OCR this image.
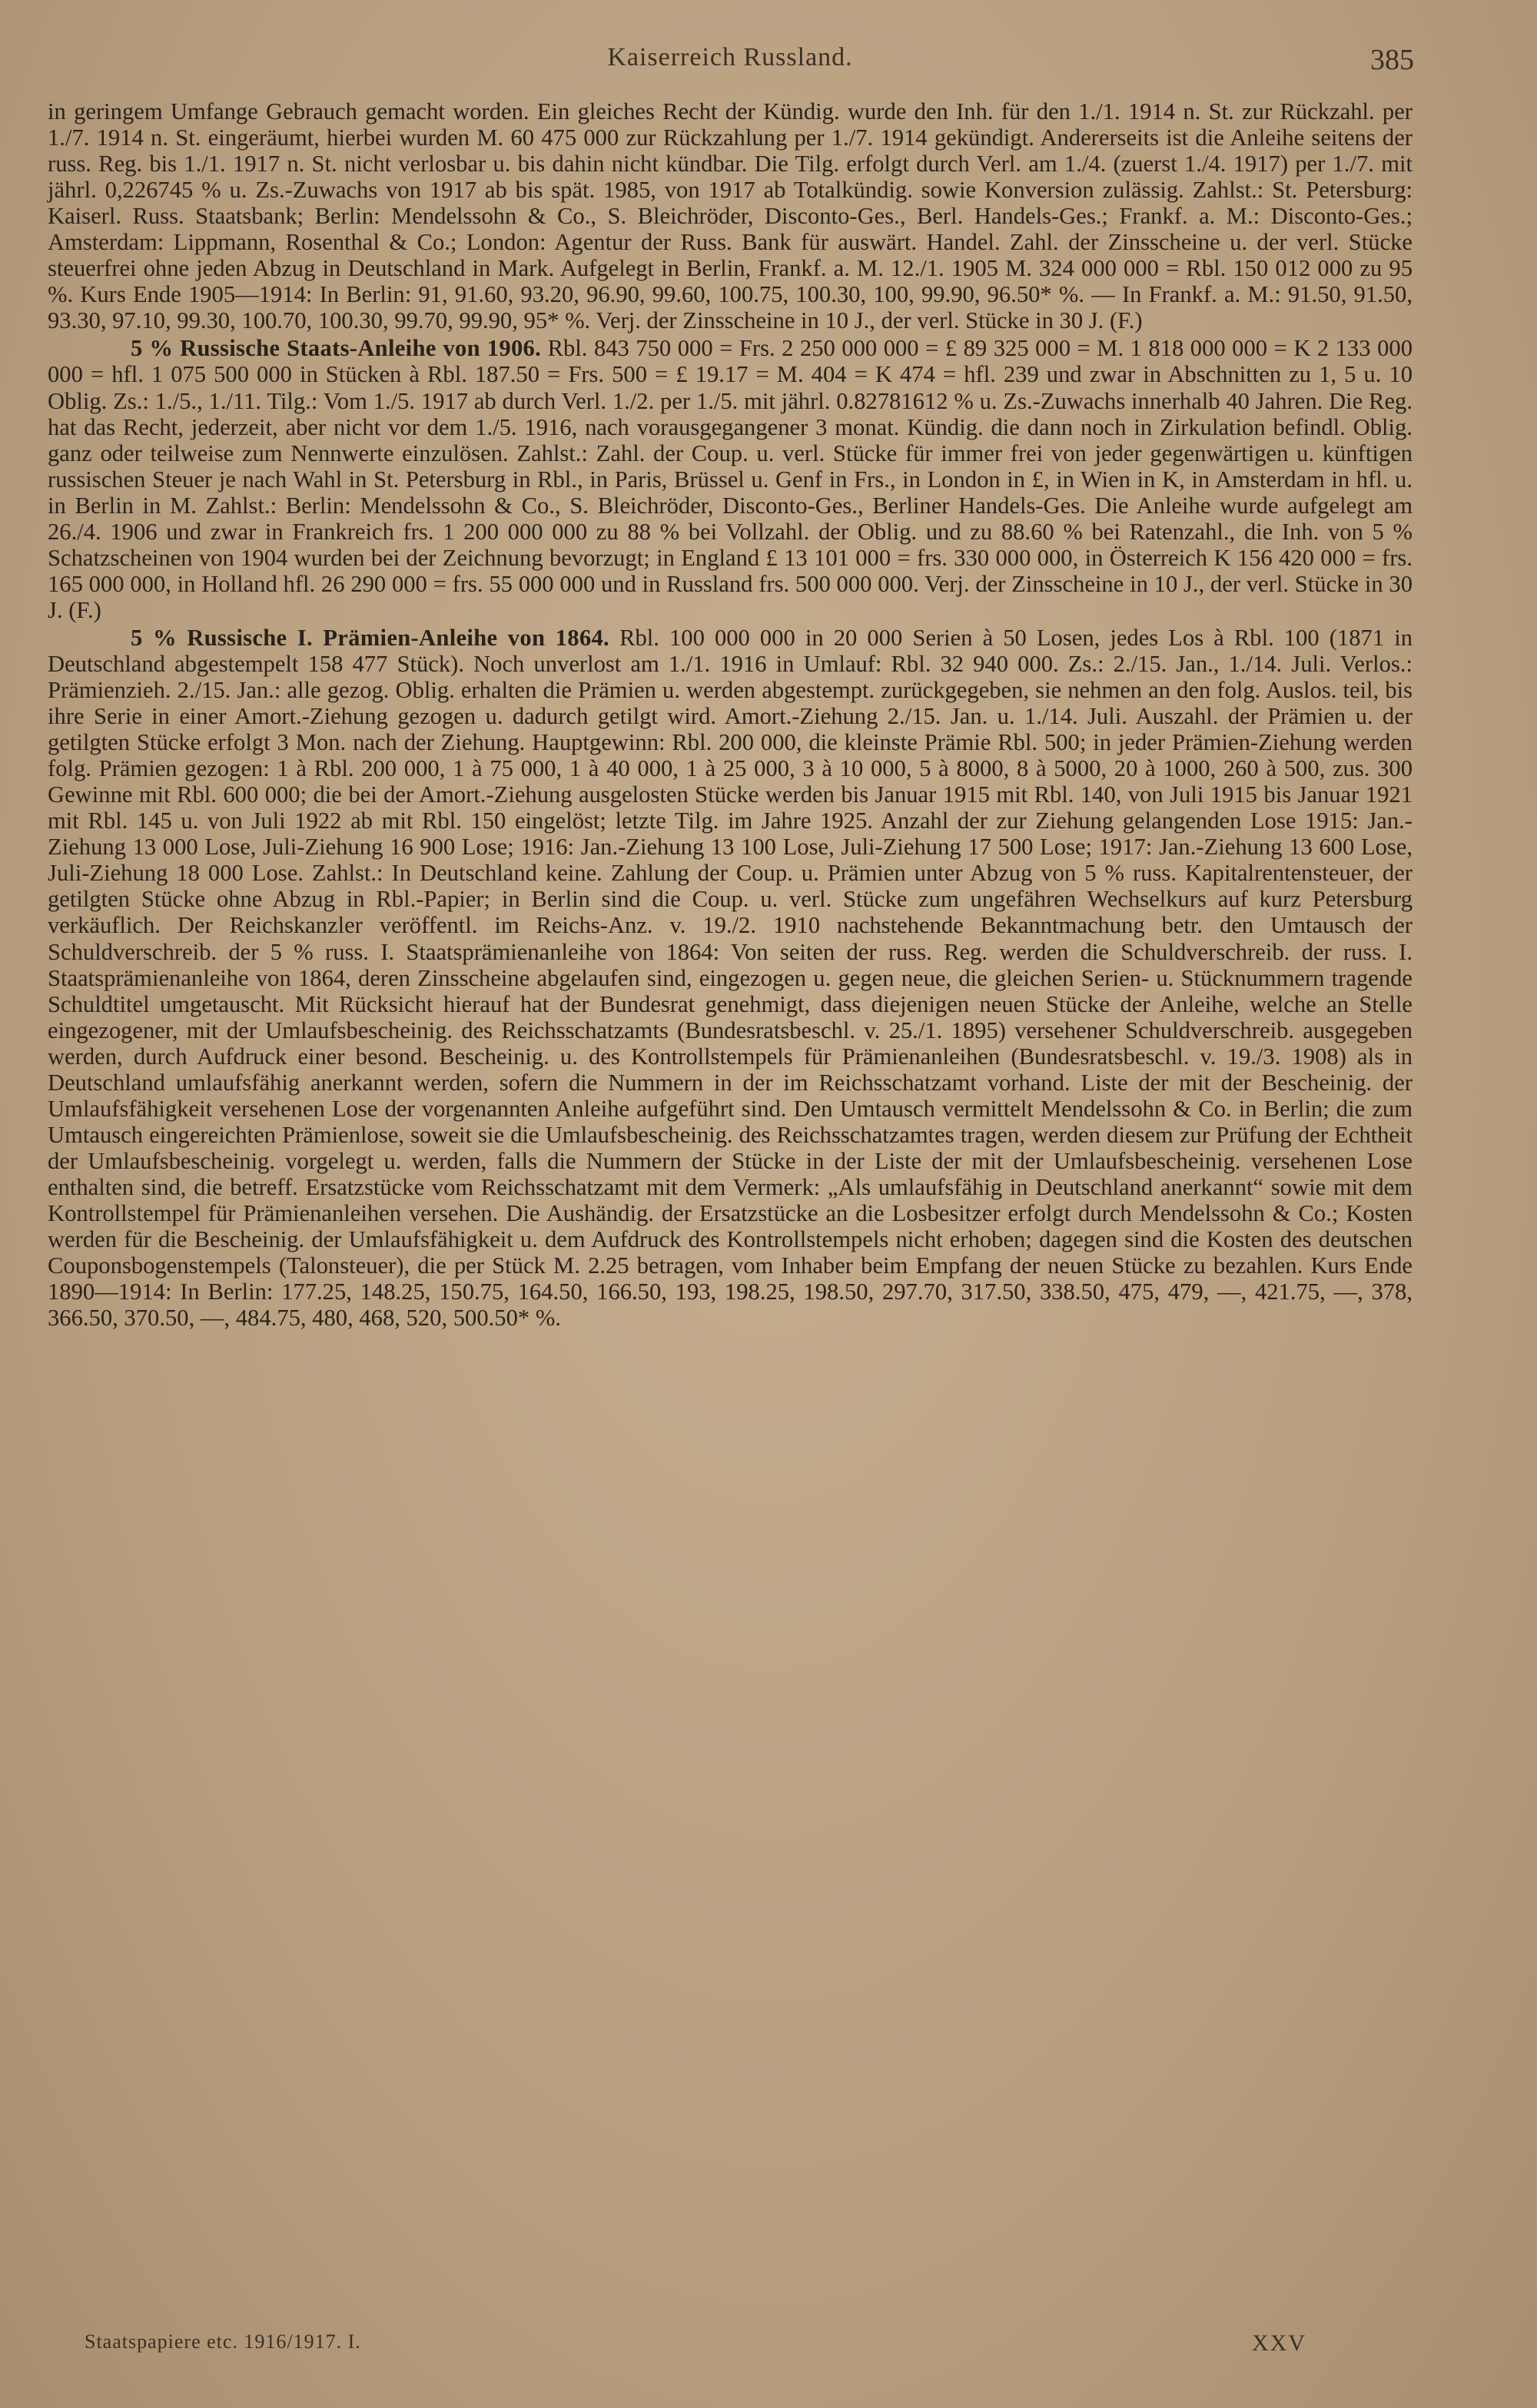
Kaiserreich Russland.	385

in geringem Umfange Gebrauch gemacht worden. Ein gleiches Recht der Kündig. wurde den Inh. für den 1./1. 1914 n. St. zur Rückzahl. per 1./7. 1914 n. St. eingeräumt, hierbei wurden M. 60 475 000 zur Rückzahlung per 1./7. 1914 gekündigt. Andererseits ist die Anleihe seitens der russ. Reg. bis 1./1. 1917 n. St. nicht verlosbar u. bis dahin nicht kündbar. Die Tilg. erfolgt durch Verl. am 1./4. (zuerst 1./4. 1917) per 1./7. mit jährl. 0,226745 % u. Zs.-Zuwachs von 1917 ab bis spät. 1985, von 1917 ab Totalkündig. sowie Konversion zulässig. Zahlst.: St. Petersburg: Kaiserl. Russ. Staatsbank; Berlin: Mendelssohn & Co., S. Bleichröder, Disconto-Ges., Berl. Handels-Ges.; Frankf. a. M.: Disconto-Ges.; Amsterdam: Lippmann, Rosenthal & Co.; London: Agentur der Russ. Bank für auswärt. Handel. Zahl. der Zinsscheine u. der verl. Stücke steuerfrei ohne jeden Abzug in Deutschland in Mark. Aufgelegt in Berlin, Frankf. a. M. 12./1. 1905 M. 324 000 000 = Rbl. 150 012 000 zu 95 %. Kurs Ende 1905—1914: In Berlin: 91, 91.60, 93.20, 96.90, 99.60, 100.75, 100.30, 100, 99.90, 96.50* %. — In Frankf. a. M.: 91.50, 91.50, 93.30, 97.10, 99.30, 100.70, 100.30, 99.70, 99.90, 95* %. Verj. der Zinsscheine in 10 J., der verl. Stücke in 30 J. (F.)

5 % Russische Staats-Anleihe von 1906. Rbl. 843 750 000 = Frs. 2 250 000 000 = £ 89 325 000 = M. 1 818 000 000 = K 2 133 000 000 = hfl. 1 075 500 000 in Stücken à Rbl. 187.50 = Frs. 500 = £ 19.17 = M. 404 = K 474 = hfl. 239 und zwar in Abschnitten zu 1, 5 u. 10 Oblig. Zs.: 1./5., 1./11. Tilg.: Vom 1./5. 1917 ab durch Verl. 1./2. per 1./5. mit jährl. 0.82781612 % u. Zs.-Zuwachs innerhalb 40 Jahren. Die Reg. hat das Recht, jederzeit, aber nicht vor dem 1./5. 1916, nach vorausgegangener 3 monat. Kündig. die dann noch in Zirkulation befindl. Oblig. ganz oder teilweise zum Nennwerte einzulösen. Zahlst.: Zahl. der Coup. u. verl. Stücke für immer frei von jeder gegenwärtigen u. künftigen russischen Steuer je nach Wahl in St. Petersburg in Rbl., in Paris, Brüssel u. Genf in Frs., in London in £, in Wien in K, in Amsterdam in hfl. u. in Berlin in M. Zahlst.: Berlin: Mendelssohn & Co., S. Bleichröder, Disconto-Ges., Berliner Handels-Ges. Die Anleihe wurde aufgelegt am 26./4. 1906 und zwar in Frankreich frs. 1 200 000 000 zu 88 % bei Vollzahl. der Oblig. und zu 88.60 % bei Ratenzahl., die Inh. von 5 % Schatzscheinen von 1904 wurden bei der Zeichnung bevorzugt; in England £ 13 101 000 = frs. 330 000 000, in Österreich K 156 420 000 = frs. 165 000 000, in Holland hfl. 26 290 000 = frs. 55 000 000 und in Russland frs. 500 000 000. Verj. der Zinsscheine in 10 J., der verl. Stücke in 30 J. (F.)

5 % Russische I. Prämien-Anleihe von 1864. Rbl. 100 000 000 in 20 000 Serien à 50 Losen, jedes Los à Rbl. 100 (1871 in Deutschland abgestempelt 158 477 Stück). Noch unverlost am 1./1. 1916 in Umlauf: Rbl. 32 940 000. Zs.: 2./15. Jan., 1./14. Juli. Verlos.: Prämienzieh. 2./15. Jan.: alle gezog. Oblig. erhalten die Prämien u. werden abgestempt. zurückgegeben, sie nehmen an den folg. Auslos. teil, bis ihre Serie in einer Amort.-Ziehung gezogen u. dadurch getilgt wird. Amort.-Ziehung 2./15. Jan. u. 1./14. Juli. Auszahl. der Prämien u. der getilgten Stücke erfolgt 3 Mon. nach der Ziehung. Hauptgewinn: Rbl. 200 000, die kleinste Prämie Rbl. 500; in jeder Prämien-Ziehung werden folg. Prämien gezogen: 1 à Rbl. 200 000, 1 à 75 000, 1 à 40 000, 1 à 25 000, 3 à 10 000, 5 à 8000, 8 à 5000, 20 à 1000, 260 à 500, zus. 300 Gewinne mit Rbl. 600 000; die bei der Amort.-Ziehung ausgelosten Stücke werden bis Januar 1915 mit Rbl. 140, von Juli 1915 bis Januar 1921 mit Rbl. 145 u. von Juli 1922 ab mit Rbl. 150 eingelöst; letzte Tilg. im Jahre 1925. Anzahl der zur Ziehung gelangenden Lose 1915: Jan.-Ziehung 13 000 Lose, Juli-Ziehung 16 900 Lose; 1916: Jan.-Ziehung 13 100 Lose, Juli-Ziehung 17 500 Lose; 1917: Jan.-Ziehung 13 600 Lose, Juli-Ziehung 18 000 Lose. Zahlst.: In Deutschland keine. Zahlung der Coup. u. Prämien unter Abzug von 5 % russ. Kapitalrentensteuer, der getilgten Stücke ohne Abzug in Rbl.-Papier; in Berlin sind die Coup. u. verl. Stücke zum ungefähren Wechselkurs auf kurz Petersburg verkäuflich. Der Reichskanzler veröffentl. im Reichs-Anz. v. 19./2. 1910 nachstehende Bekanntmachung betr. den Umtausch der Schuldverschreib. der 5 % russ. I. Staatsprämienanleihe von 1864: Von seiten der russ. Reg. werden die Schuldverschreib. der russ. I. Staatsprämienanleihe von 1864, deren Zinsscheine abgelaufen sind, eingezogen u. gegen neue, die gleichen Serien- u. Stücknummern tragende Schuldtitel umgetauscht. Mit Rücksicht hierauf hat der Bundesrat genehmigt, dass diejenigen neuen Stücke der Anleihe, welche an Stelle eingezogener, mit der Umlaufsbescheinig. des Reichsschatzamts (Bundesratsbeschl. v. 25./1. 1895) versehener Schuldverschreib. ausgegeben werden, durch Aufdruck einer besond. Bescheinig. u. des Kontrollstempels für Prämienanleihen (Bundesratsbeschl. v. 19./3. 1908) als in Deutschland umlaufsfähig anerkannt werden, sofern die Nummern in der im Reichsschatzamt vorhand. Liste der mit der Bescheinig. der Umlaufsfähigkeit versehenen Lose der vorgenannten Anleihe aufgeführt sind. Den Umtausch vermittelt Mendelssohn & Co. in Berlin; die zum Umtausch eingereichten Prämienlose, soweit sie die Umlaufsbescheinig. des Reichsschatzamtes tragen, werden diesem zur Prüfung der Echtheit der Umlaufsbescheinig. vorgelegt u. werden, falls die Nummern der Stücke in der Liste der mit der Umlaufsbescheinig. versehenen Lose enthalten sind, die betreff. Ersatzstücke vom Reichsschatzamt mit dem Vermerk: „Als umlaufsfähig in Deutschland anerkannt“ sowie mit dem Kontrollstempel für Prämienanleihen versehen. Die Aushändig. der Ersatzstücke an die Losbesitzer erfolgt durch Mendelssohn & Co.; Kosten werden für die Bescheinig. der Umlaufsfähigkeit u. dem Aufdruck des Kontrollstempels nicht erhoben; dagegen sind die Kosten des deutschen Couponsbogenstempels (Talonsteuer), die per Stück M. 2.25 betragen, vom Inhaber beim Empfang der neuen Stücke zu bezahlen. Kurs Ende 1890—1914: In Berlin: 177.25, 148.25, 150.75, 164.50, 166.50, 193, 198.25, 198.50, 297.70, 317.50, 338.50, 475, 479, —, 421.75, —, 378, 366.50, 370.50, —, 484.75, 480, 468, 520, 500.50* %.

Staatspapiere etc. 1916/1917. I.	XXV
